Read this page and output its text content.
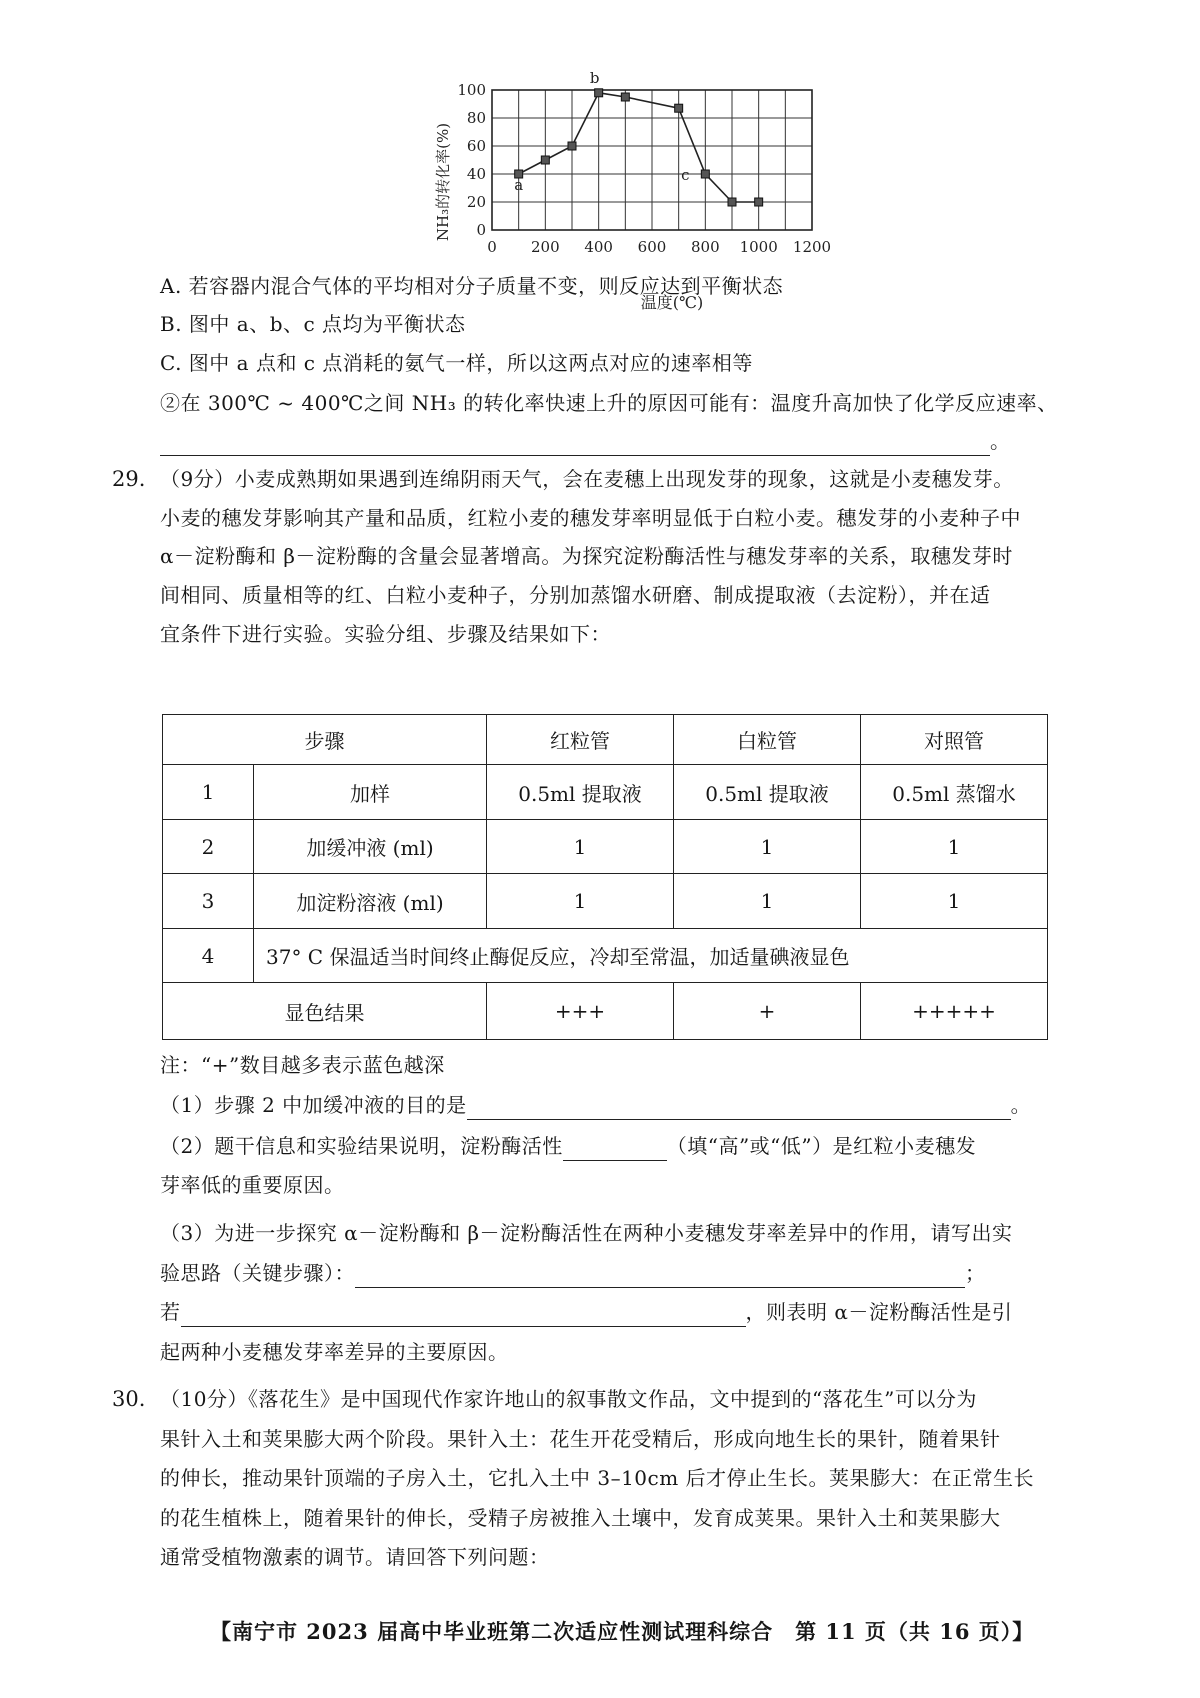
0 200 400 600 800 1000 1200
0
20
40
60
80
100
a
b
c
NH₃的转化率(%)
温度(℃)
A. 若容器内混合气体的平均相对分子质量不变，则反应达到平衡状态
B. 图中 a、b、c 点均为平衡状态
C. 图中 a 点和 c 点消耗的氨气一样，所以这两点对应的速率相等
②在 300℃ ~ 400℃之间 NH₃ 的转化率快速上升的原因可能有：温度升高加快了化学反应速率、
。
29. （9分）小麦成熟期如果遇到连绵阴雨天气，会在麦穗上出现发芽的现象，这就是小麦穗发芽。
小麦的穗发芽影响其产量和品质，红粒小麦的穗发芽率明显低于白粒小麦。穗发芽的小麦种子中
α－淀粉酶和 β－淀粉酶的含量会显著增高。为探究淀粉酶活性与穗发芽率的关系，取穗发芽时
间相同、质量相等的红、白粒小麦种子，分别加蒸馏水研磨、制成提取液（去淀粉），并在适
宜条件下进行实验。实验分组、步骤及结果如下：
步骤		红粒管	白粒管	对照管
1	加样	0.5ml 提取液	0.5ml 提取液	0.5ml 蒸馏水
2	加缓冲液 (ml)	1	1	1
3	加淀粉溶液 (ml)	1	1	1
4	37° C 保温适当时间终止酶促反应，冷却至常温，加适量碘液显色			
显色结果		+++	+	+++++
注：“+”数目越多表示蓝色越深
（1）步骤 2 中加缓冲液的目的是	。
（2）题干信息和实验结果说明，淀粉酶活性	（填“高”或“低”）是红粒小麦穗发
芽率低的重要原因。
（3）为进一步探究 α－淀粉酶和 β－淀粉酶活性在两种小麦穗发芽率差异中的作用，请写出实
验思路（关键步骤）：	；
若	，则表明 α－淀粉酶活性是引
起两种小麦穗发芽率差异的主要原因。
30. （10分）《落花生》是中国现代作家许地山的叙事散文作品，文中提到的“落花生”可以分为
果针入土和荚果膨大两个阶段。果针入土：花生开花受精后，形成向地生长的果针，随着果针
的伸长，推动果针顶端的子房入土，它扎入土中 3–10cm 后才停止生长。荚果膨大：在正常生长
的花生植株上，随着果针的伸长，受精子房被推入土壤中，发育成荚果。果针入土和荚果膨大
通常受植物激素的调节。请回答下列问题：
【南宁市 2023 届高中毕业班第二次适应性测试理科综合　第 11 页（共 16 页）】
